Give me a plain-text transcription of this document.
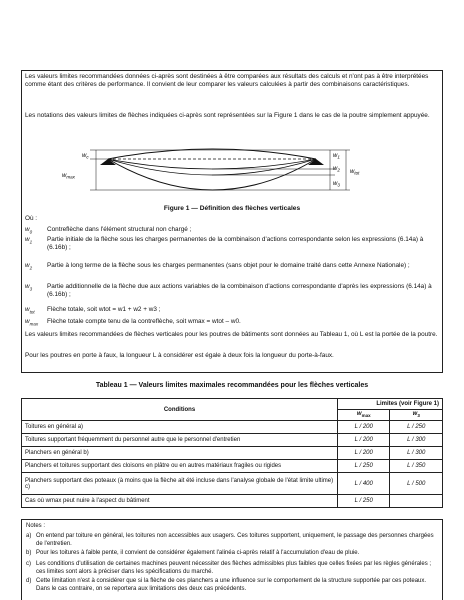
Les valeurs limites recommandées données ci-après sont destinées à être comparées aux résultats des calculs et n'ont pas à être interprétées comme étant des critères de performance. Il convient de leur comparer les valeurs calculées à partir des combinaisons caractéristiques.

Les notations des valeurs limites de flèches indiquées ci-après sont représentées sur la Figure 1 dans le cas de la poutre simplement appuyée.

$w_c$
$w_{max}$
$w_1$
$w_2$
$w_3$
$w_{tot}$

Figure 1 — Définition des flèches verticales

Où :

$w_0$ Contreflèche dans l'élément structural non chargé ;
$w_1$ Partie initiale de la flèche sous les charges permanentes de la combinaison d'actions correspondante selon les expressions (6.14a) à (6.16b) ;
$w_2$ Partie à long terme de la flèche sous les charges permanentes (sans objet pour le domaine traité dans cette Annexe Nationale) ;
$w_3$ Partie additionnelle de la flèche due aux actions variables de la combinaison d'actions correspondante d'après les expressions (6.14a) à (6.16b) ;
$w_{tot}$ Flèche totale, soit wtot = w1 + w2 + w3 ;
$w_{max}$ Flèche totale compte tenu de la contreflèche, soit wmax = wtot – w0.

Les valeurs limites recommandées de flèches verticales pour les poutres de bâtiments sont données au Tableau 1, où L est la portée de la poutre.

Pour les poutres en porte à faux, la longueur L à considérer est égale à deux fois la longueur du porte-à-faux.

Tableau 1 — Valeurs limites maximales recommandées pour les flèches verticales

Conditions	Limites (voir Figure 1)	
	$w_{max}$	$w_3$
Toitures en général a)	L / 200	L / 250
Toitures supportant fréquemment du personnel autre que le personnel d'entretien	L / 200	L / 300
Planchers en général b)	L / 200	L / 300
Planchers et toitures supportant des cloisons en plâtre ou en autres matériaux fragiles ou rigides	L / 250	L / 350
Planchers supportant des poteaux (à moins que la flèche ait été incluse dans l'analyse globale de l'état limite ultime) c)	L / 400	L / 500
Cas où wmax peut nuire à l'aspect du bâtiment	L / 250	

Notes :

a) On entend par toiture en général, les toitures non accessibles aux usagers. Ces toitures supportent, uniquement, le passage des personnes chargées de l'entretien.

b) Pour les toitures à faible pente, il convient de considérer également l'alinéa ci-après relatif à l'accumulation d'eau de pluie.

c) Les conditions d'utilisation de certaines machines peuvent nécessiter des flèches admissibles plus faibles que celles fixées par les règles générales ; ces limites sont alors à préciser dans les spécifications du marché.

d) Cette limitation n'est à considérer que si la flèche de ces planchers a une influence sur le comportement de la structure supportée par ces poteaux. Dans le cas contraire, on se reportera aux limitations des deux cas précédents.
